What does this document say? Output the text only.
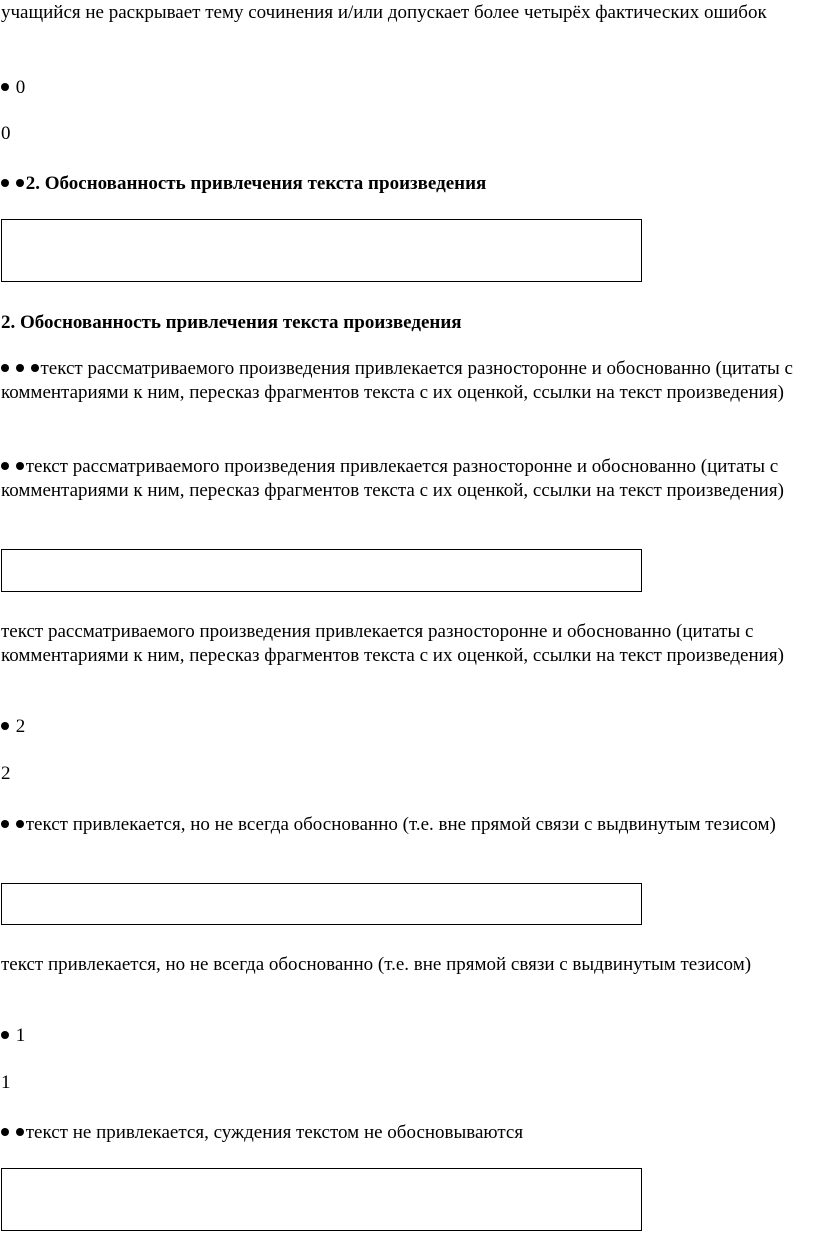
учащийся не раскрывает тему сочинения и/или допускает более четырёх фактических ошибок
0
0
2. Обоснованность привлечения текста произведения
2. Обоснованность привлечения текста произведения
текст рассматриваемого произведения привлекается разносторонне и обоснованно (цитаты с комментариями к ним, пересказ фрагментов текста с их оценкой, ссылки на текст произведения)
текст рассматриваемого произведения привлекается разносторонне и обоснованно (цитаты с комментариями к ним, пересказ фрагментов текста с их оценкой, ссылки на текст произведения)
текст рассматриваемого произведения привлекается разносторонне и обоснованно (цитаты с комментариями к ним, пересказ фрагментов текста с их оценкой, ссылки на текст произведения)
2
2
текст привлекается, но не всегда обоснованно (т.е. вне прямой связи с выдвинутым тезисом)
текст привлекается, но не всегда обоснованно (т.е. вне прямой связи с выдвинутым тезисом)
1
1
текст не привлекается, суждения текстом не обосновываются
